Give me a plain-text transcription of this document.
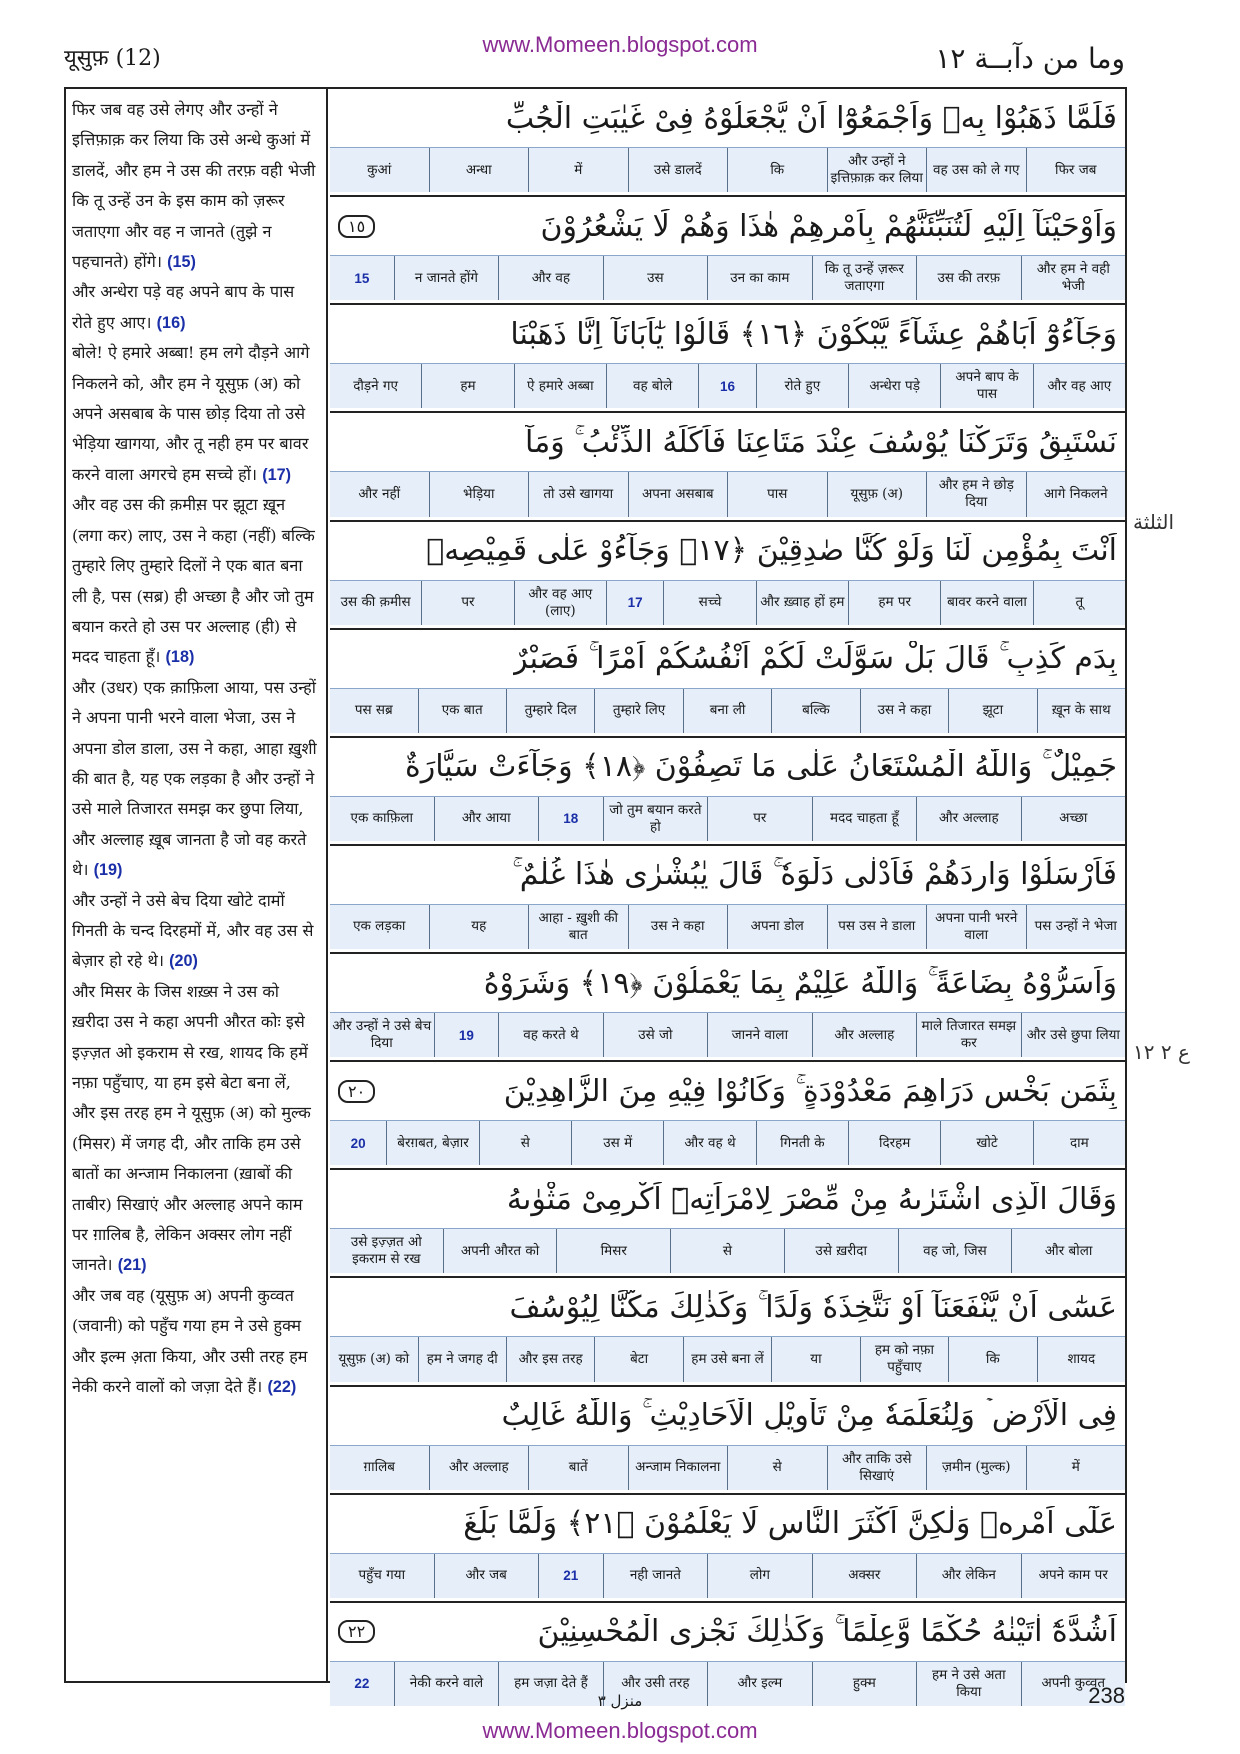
यूसुफ़ (12)
www.Momeen.blogspot.com	وما من دآبــة ١٢

फिर जब वह उसे लेगए और उन्हों ने इत्तिफ़ाक़ कर लिया कि उसे अन्धे कुआं में डालदें, और हम ने उस की तरफ़ वही भेजी कि तू उन्हें उन के इस काम को ज़रूर जताएगा और वह न जानते (तुझे न पहचानते) होंगे। (15)

और अन्धेरा पड़े वह अपने बाप के पास रोते हुए आए। (16)

बोले! ऐ हमारे अब्बा! हम लगे दौड़ने आगे निकलने को, और हम ने यूसुफ़ (अ) को अपने असबाब के पास छोड़ दिया तो उसे भेड़िया खागया, और तू नही हम पर बावर करने वाला अगरचे हम सच्चे हों। (17)

और वह उस की क़मीस़ पर झूटा ख़ून (लगा कर) लाए, उस ने कहा (नहीं) बल्कि तुम्हारे लिए तुम्हारे दिलों ने एक बात बना ली है, पस (सब्र) ही अच्छा है और जो तुम बयान करते हो उस पर अल्लाह (ही) से मदद चाहता हूँ। (18)

और (उधर) एक क़ाफ़िला आया, पस उन्हों ने अपना पानी भरने वाला भेजा, उस ने अपना डोल डाला, उस ने कहा, आहा ख़ुशी की बात है, यह एक लड़का है और उन्हों ने उसे माले तिजारत समझ कर छुपा लिया, और अल्लाह ख़ूब जानता है जो वह करते थे। (19)

और उन्हों ने उसे बेच दिया खोटे दामों गिनती के चन्द दिरहमों में, और वह उस से बेज़ार हो रहे थे। (20)

और मिसर के जिस शख़्स ने उस को ख़रीदा उस ने कहा अपनी औरत कोः इसे इज़्ज़त ओ इकराम से रख, शायद कि हमें नफ़ा पहुँचाए, या हम इसे बेटा बना लें, और इस तरह हम ने यूसुफ़ (अ) को मुल्क (मिसर) में जगह दी, और ताकि हम उसे बातों का अन्जाम निकालना (ख़ाबों की ताबीर) सिखाएं और अल्लाह अपने काम पर ग़ालिब है, लेकिन अक्सर लोग नहीं जानते। (21)

और जब वह (यूसुफ़ अ) अपनी कुव्वत (जवानी) को पहुँच गया हम ने उसे हुक्म और इल्म अ़ता किया, और उसी तरह हम नेकी करने वालों को जज़ा देते हैं। (22)

فَلَمَّا ذَهَبُوْا بِهٖ وَاَجْمَعُوْٓا اَنْ يَّجْعَلُوْهُ فِىْ غَيٰبَتِ الْجُبِّ
फिर जब
वह उस को ले गए
और उन्हों ने इत्तिफ़ाक़ कर लिया
कि
उसे डालदें
में
अन्धा
कुआं
وَاَوْحَيْنَآ اِلَيْهِ لَتُنَبِّئَنَّهُمْ بِاَمْرِهِمْ هٰذَا وَهُمْ لَا يَشْعُرُوْنَ
١٥
और हम ने वही भेजी
उस की तरफ़
कि तू उन्हें ज़रूर जताएगा
उन का काम
उस
और वह
न जानते होंगे
15
وَجَآءُوْٓ اَبَاهُمْ عِشَآءً يَّبْكُوْنَ ﴿١٦﴾ قَالُوْا يٰٓاَبَانَآ اِنَّا ذَهَبْنَا
और वह आए
अपने बाप के पास
अन्धेरा पड़े
रोते हुए
16
वह बोले
ऐ हमारे अब्बा
हम
दौड़ने गए
نَسْتَبِقُ وَتَرَكْنَا يُوْسُفَ عِنْدَ مَتَاعِنَا فَاَكَلَهُ الذِّئْبُ ۚ وَمَآ
आगे निकलने
और हम ने छोड़ दिया
यूसुफ़ (अ)
पास
अपना असबाब
तो उसे खागया
भेड़िया
और नहीं
اَنْتَ بِمُؤْمِنٍ لَّنَا وَلَوْ كُنَّا صٰدِقِيْنَ ﴿١٧﴾ وَجَآءُوْ عَلٰى قَمِيْصِهٖ
तू
बावर करने वाला
हम पर
और ख़्वाह हों हम
सच्चे
17
और वह आए (लाए)
पर
उस की क़मीस
بِدَمٍ كَذِبٍ ۚ قَالَ بَلْ سَوَّلَتْ لَكُمْ اَنْفُسُكُمْ اَمْرًا ۚ فَصَبْرٌ
ख़ून के साथ
झूटा
उस ने कहा
बल्कि
बना ली
तुम्हारे लिए
तुम्हारे दिल
एक बात
पस सब्र
جَمِيْلٌ ۚ وَاللّٰهُ الْمُسْتَعَانُ عَلٰى مَا تَصِفُوْنَ ﴿١٨﴾ وَجَآءَتْ سَيَّارَةٌ
अच्छा
और अल्लाह
मदद चाहता हूँ
पर
जो तुम बयान करते हो
18
और आया
एक काफ़िला
فَاَرْسَلُوْا وَارِدَهُمْ فَاَدْلٰى دَلْوَهٗ ۚ قَالَ يٰبُشْرٰى هٰذَا غُلٰمٌ ۚ
पस उन्हों ने भेजा
अपना पानी भरने वाला
पस उस ने डाला
अपना डोल
उस ने कहा
आहा - ख़ुशी की बात
यह
एक लड़का
وَاَسَرُّوْهُ بِضَاعَةً ۚ وَاللّٰهُ عَلِيْمٌ بِمَا يَعْمَلُوْنَ ﴿١٩﴾ وَشَرَوْهُ
और उसे छुपा लिया
माले तिजारत समझ कर
और अल्लाह
जानने वाला
उसे जो
वह करते थे
19
और उन्हों ने उसे बेच दिया
بِثَمَنٍ بَخْسٍ دَرَاهِمَ مَعْدُوْدَةٍ ۚ وَكَانُوْا فِيْهِ مِنَ الزَّاهِدِيْنَ
٢٠
दाम
खोटे
दिरहम
गिनती के
और वह थे
उस में
से
बेरग़बत, बेज़ार
20
وَقَالَ الَّذِى اشْتَرٰىهُ مِنْ مِّصْرَ لِامْرَاَتِهٖٓ اَكْرِمِىْ مَثْوٰىهُ
और बोला
वह जो, जिस
उसे ख़रीदा
से
मिसर
अपनी औरत को
उसे इज़्ज़त ओ इकराम से रख
عَسٰٓى اَنْ يَّنْفَعَنَآ اَوْ نَتَّخِذَهٗ وَلَدًا ۚ وَكَذٰلِكَ مَكَّنَّا لِيُوْسُفَ
शायद
कि
हम को नफ़ा पहुँचाए
या
हम उसे बना लें
बेटा
और इस तरह
हम ने जगह दी
यूसुफ़ (अ) को
فِى الْاَرْضِ ۡ وَلِنُعَلِّمَهٗ مِنْ تَاْوِيْلِ الْاَحَادِيْثِ ۚ وَاللّٰهُ غَالِبٌ
में
ज़मीन (मुल्क)
और ताकि उसे सिखाएं
से
अन्जाम निकालना
बातें
और अल्लाह
ग़ालिब
عَلٰٓى اَمْرِهٖ وَلٰكِنَّ اَكْثَرَ النَّاسِ لَا يَعْلَمُوْنَ ﴿٢١﴾ وَلَمَّا بَلَغَ
अपने काम पर
और लेकिन
अक्सर
लोग
नही जानते
21
और जब
पहुँच गया
اَشُدَّهٗٓ اٰتَيْنٰهُ حُكْمًا وَّعِلْمًا ۚ وَكَذٰلِكَ نَجْزِى الْمُحْسِنِيْنَ
٢٢
अपनी कुव्वत
हम ने उसे अता किया
हुक्म
और इल्म
और उसी तरह
हम जज़ा देते हैं
नेकी करने वाले
22
الثلثة
ع ٢ ١٢
منزل ٣	238
www.Momeen.blogspot.com
